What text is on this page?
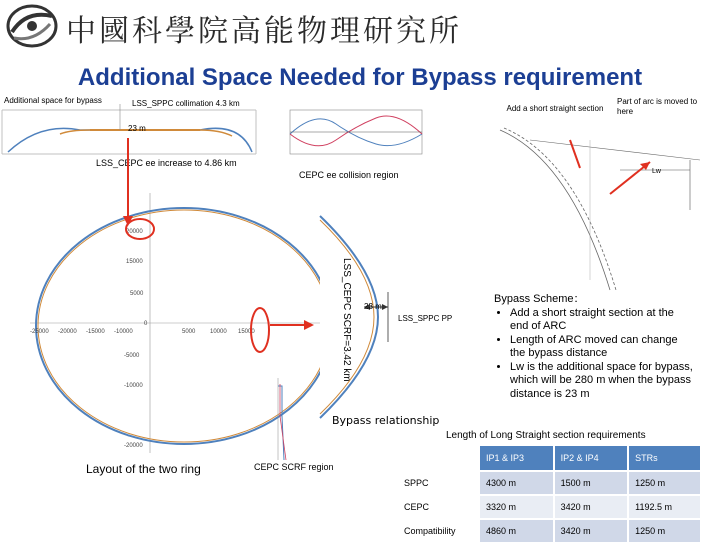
中國科學院高能物理研究所
Additional Space Needed for Bypass requirement
Additional space for bypass	LSS_SPPC collimation 4.3 km
23 m
LSS_CEPC ee increase to 4.86 km
CEPC ee collision region
Add a short straight section
Part of arc is moved to here
Lw
20000
15000
5000
0
-5000
-10000
-20000
-25000 -20000 -15000 -10000	5000 10000 15000	LSS_CEPC SCRF=3.42 km 23 m
LSS_SPPC PP
Bypass Scheme：
• Add a short straight section at the end of ARC
• Length of ARC moved can change the bypass distance
• Lw is the additional space for bypass, which will be 280 m when the bypass distance is 23 m
Bypass relationship
Layout of the two ring	CEPC SCRF region
Length of Long Straight section requirements
	IP1 & IP3	IP2 & IP4	STRs
SPPC	4300 m	1500 m	1250 m
CEPC	3320 m	3420 m	1192.5 m
Compatibility	4860 m	3420 m	1250 m
